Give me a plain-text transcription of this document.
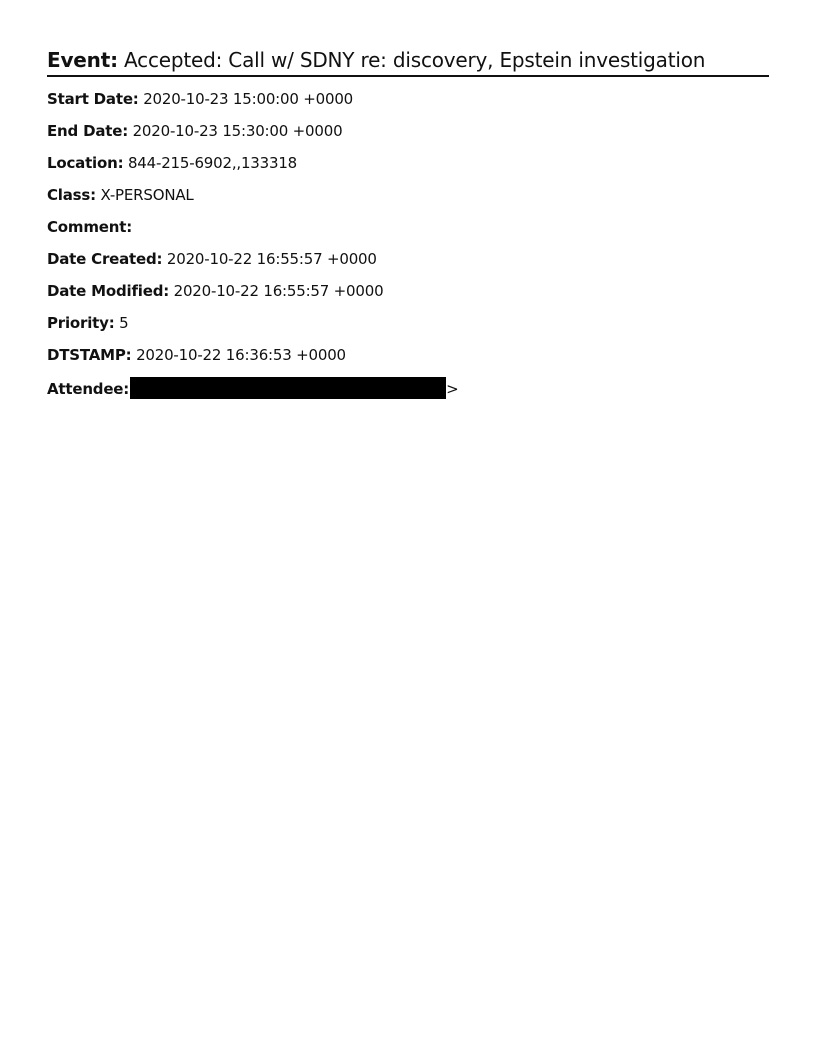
Event: Accepted: Call w/ SDNY re: discovery, Epstein investigation
Start Date: 2020-10-23 15:00:00 +0000
End Date: 2020-10-23 15:30:00 +0000
Location: 844-215-6902,,133318
Class: X-PERSONAL
Comment:
Date Created: 2020-10-22 16:55:57 +0000
Date Modified: 2020-10-22 16:55:57 +0000
Priority: 5
DTSTAMP: 2020-10-22 16:36:53 +0000
Attendee:	>
